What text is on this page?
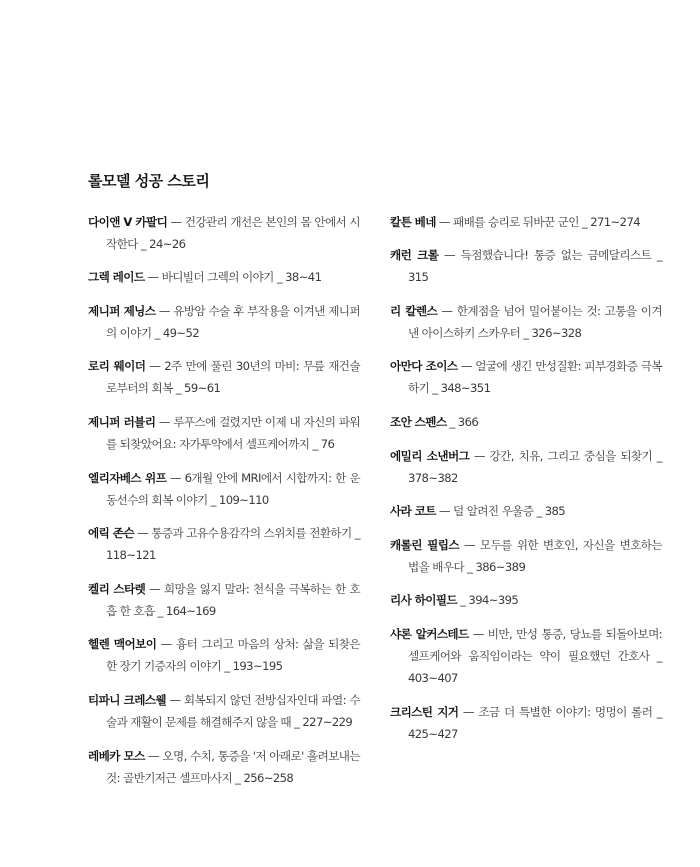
롤모델 성공 스토리

다이앤 V 카팔디 — 건강관리 개선은 본인의 몸 안에서 시작한다 _ 24~26

그렉 레이드 — 바디빌더 그렉의 이야기 _ 38~41

제니퍼 제닝스 — 유방암 수술 후 부작용을 이겨낸 제니퍼의 이야기 _ 49~52

로리 웨이더 — 2주 만에 풀린 30년의 마비: 무릎 재건술로부터의 회복 _ 59~61

제니퍼 러블리 — 루푸스에 걸렸지만 이제 내 자신의 파워를 되찾았어요: 자가투약에서 셀프케어까지 _ 76

엘리자베스 위프 — 6개월 안에 MRI에서 시합까지: 한 운동선수의 회복 이야기 _ 109~110

에릭 존슨 — 통증과 고유수용감각의 스위치를 전환하기 _ 118~121

켈리 스타렛 — 희망을 잃지 말라: 천식을 극복하는 한 호흡 한 호흡 _ 164~169

헬렌 맥어보이 — 흉터 그리고 마음의 상처: 삶을 되찾은 한 장기 기증자의 이야기 _ 193~195

티파니 크레스웰 — 회복되지 않던 전방십자인대 파열: 수술과 재활이 문제를 해결해주지 않을 때 _ 227~229

레베카 모스 — 오명, 수치, 통증을 '저 아래로' 흘려보내는 것: 골반기저근 셀프마사지 _ 256~258

칼튼 베네 — 패배를 승리로 뒤바꾼 군인 _ 271~274

캐런 크롤 — 득점했습니다! 통증 없는 금메달리스트 _ 315

리 칼렌스 — 한계점을 넘어 밀어붙이는 것: 고통을 이겨낸 아이스하키 스카우터 _ 326~328

아만다 조이스 — 얼굴에 생긴 만성질환: 피부경화증 극복하기 _ 348~351

조안 스펜스 _ 366

에밀리 소낸버그 — 강간, 치유, 그리고 중심을 되찾기 _ 378~382

사라 코트 — 덜 알려진 우울증 _ 385

캐롤린 필립스 — 모두를 위한 변호인, 자신을 변호하는 법을 배우다 _ 386~389

리사 하이필드 _ 394~395

샤론 알커스테드 — 비만, 만성 통증, 당뇨를 되돌아보며: 셀프케어와 움직임이라는 약이 필요했던 간호사 _ 403~407

크리스틴 지거 — 조금 더 특별한 이야기: 멍멍이 롤러 _ 425~427
